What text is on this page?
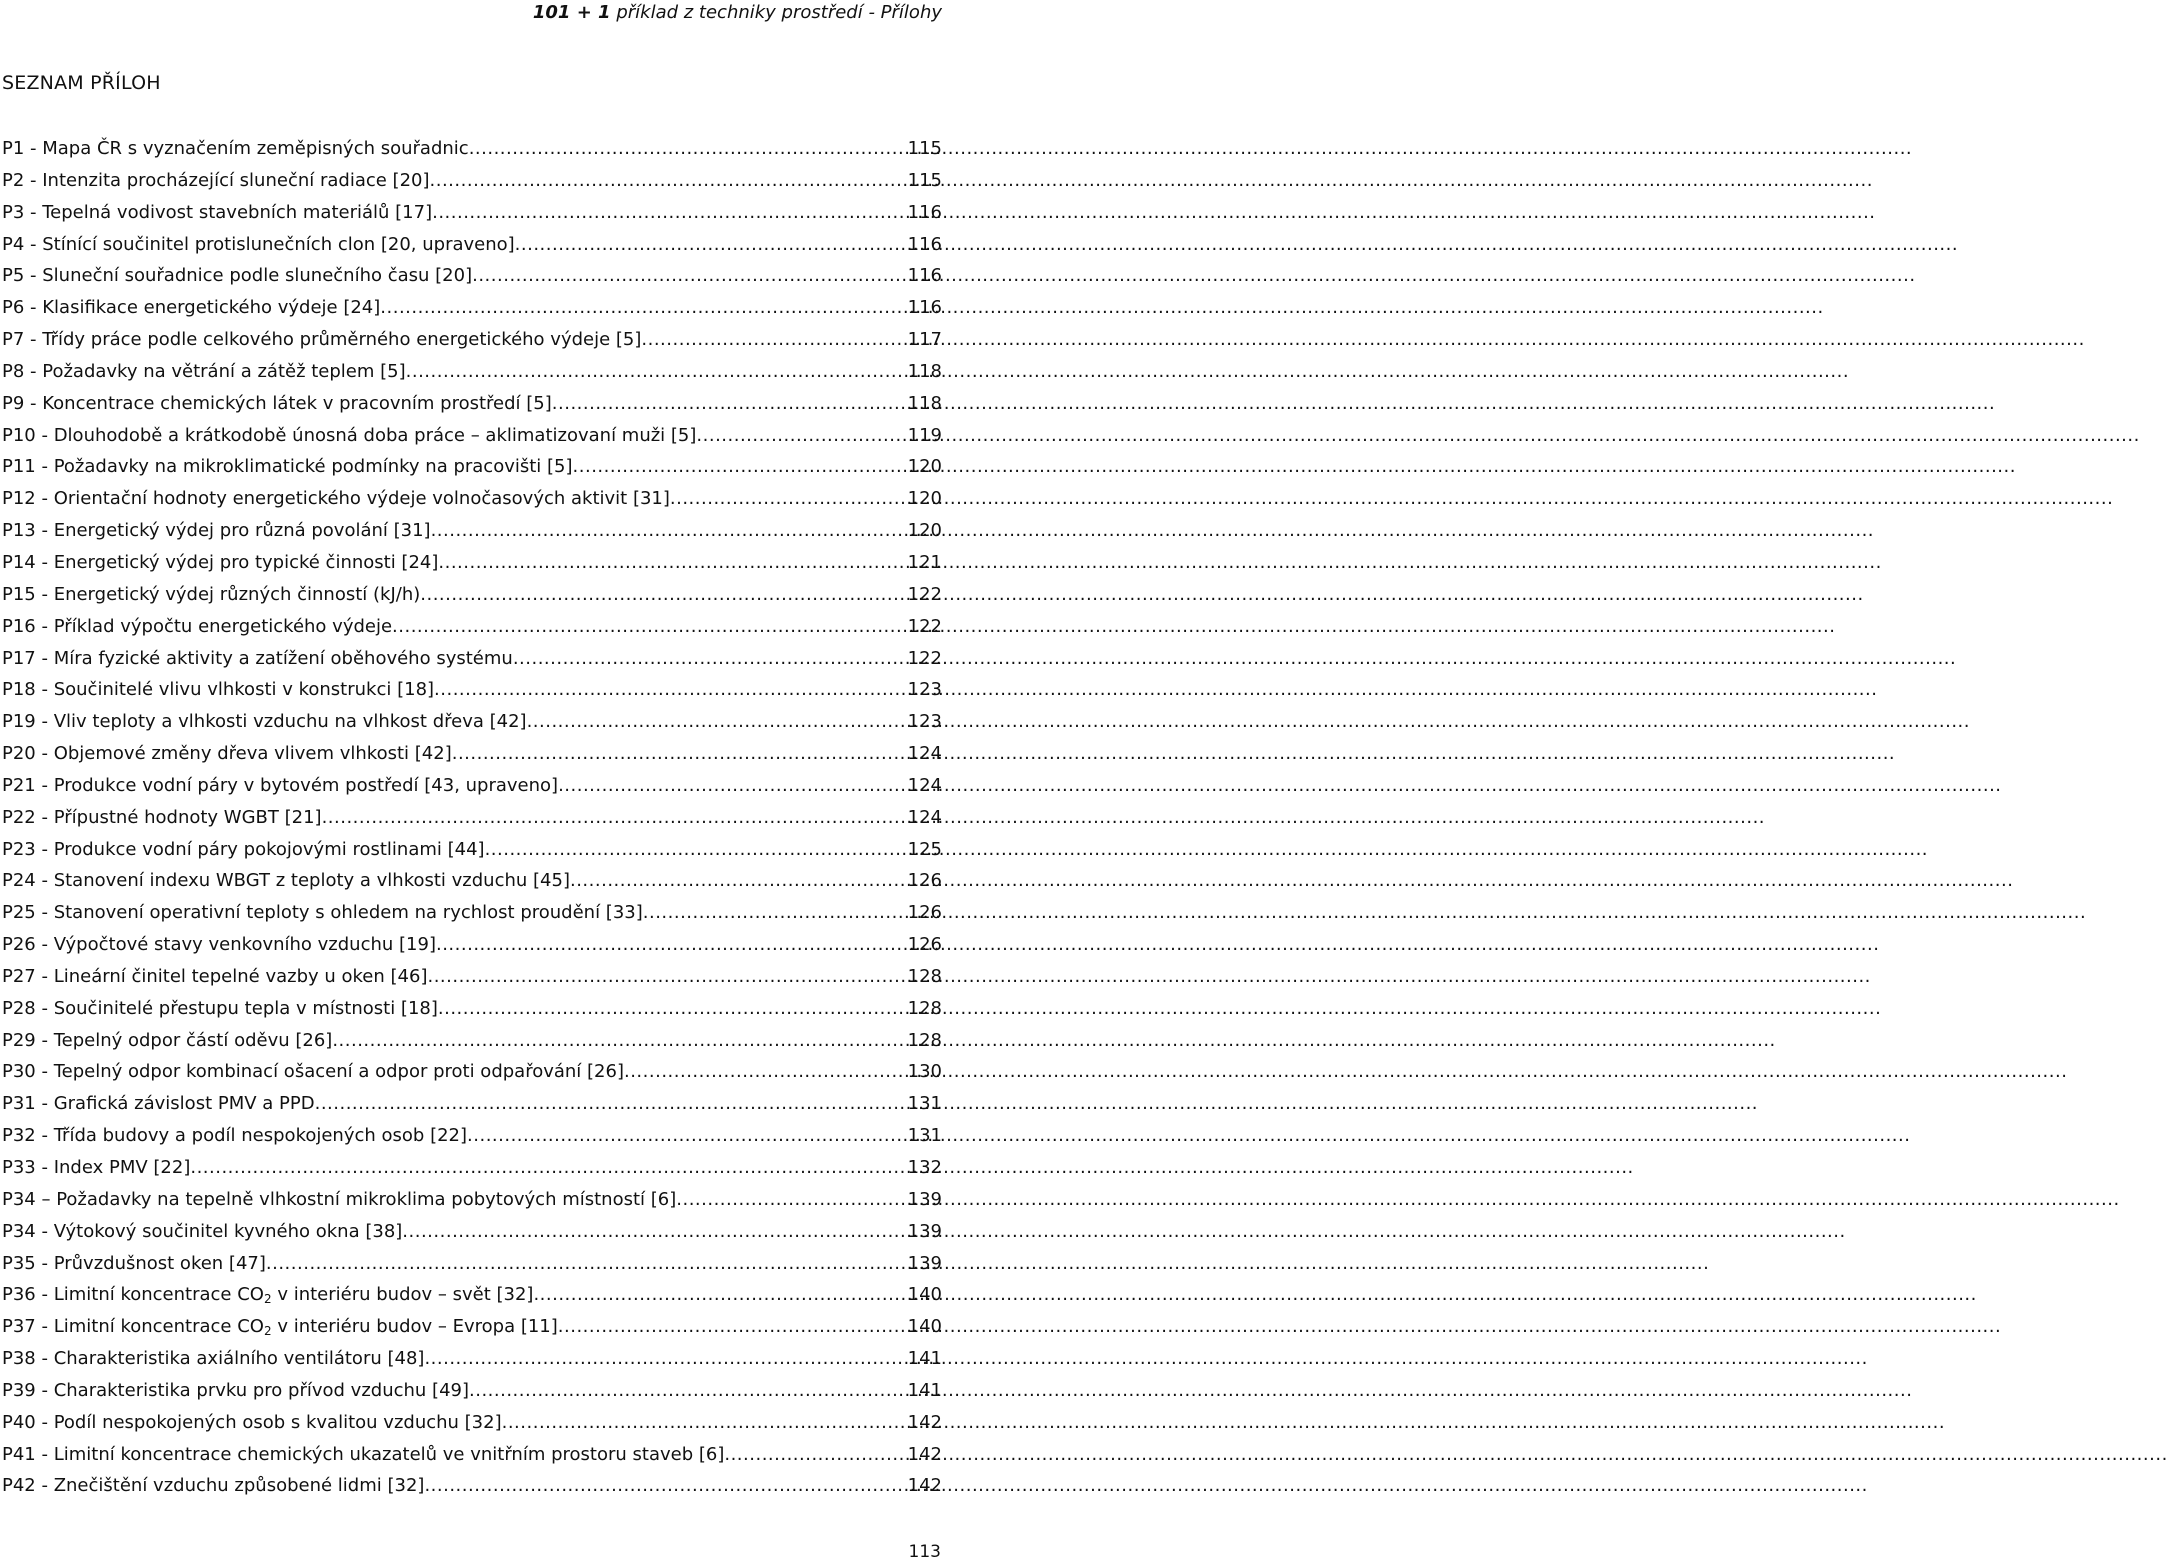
101 + 1 příklad z techniky prostředí - Přílohy
SEZNAM PŘÍLOH
P1 - Mapa ČR s vyznačením zeměpisných souřadnic .....	115
P2 - Intenzita procházející sluneční radiace [20] .....	115
P3 - Tepelná vodivost stavebních materiálů [17] .....	116
P4 - Stínící součinitel protislunečních clon [20, upraveno] .....	116
P5 - Sluneční souřadnice podle slunečního času [20] .....	116
P6 - Klasifikace energetického výdeje [24] .....	116
P7 - Třídy práce podle celkového průměrného energetického výdeje [5] .....	117
P8 - Požadavky na větrání a zátěž teplem [5] .....	118
P9 - Koncentrace chemických látek v pracovním prostředí [5] .....	118
P10 - Dlouhodobě a krátkodobě únosná doba práce – aklimatizovaní muži [5] .....	119
P11 - Požadavky na mikroklimatické podmínky na pracovišti [5] .....	120
P12 - Orientační hodnoty energetického výdeje volnočasových aktivit [31] .....	120
P13 - Energetický výdej pro různá povolání [31] .....	120
P14 - Energetický výdej pro typické činnosti [24] .....	121
P15 - Energetický výdej různých činností (kJ/h) .....	122
P16 - Příklad výpočtu energetického výdeje .....	122
P17 - Míra fyzické aktivity a zatížení oběhového systému .....	122
P18 - Součinitelé vlivu vlhkosti v konstrukci [18] .....	123
P19 - Vliv teploty a vlhkosti vzduchu na vlhkost dřeva [42] .....	123
P20 - Objemové změny dřeva vlivem vlhkosti [42] .....	124
P21 - Produkce vodní páry v bytovém postředí [43, upraveno] .....	124
P22 - Přípustné hodnoty WGBT [21] .....	124
P23 - Produkce vodní páry pokojovými rostlinami [44] .....	125
P24 - Stanovení indexu WBGT z teploty a vlhkosti vzduchu [45] .....	126
P25 - Stanovení operativní teploty s ohledem na rychlost proudění [33] .....	126
P26 - Výpočtové stavy venkovního vzduchu [19] .....	126
P27 - Lineární činitel tepelné vazby u oken [46] .....	128
P28 - Součinitelé přestupu tepla v místnosti [18] .....	128
P29 - Tepelný odpor částí oděvu [26] .....	128
P30 - Tepelný odpor kombinací ošacení a odpor proti odpařování [26] .....	130
P31 - Grafická závislost PMV a PPD .....	131
P32 - Třída budovy a podíl nespokojených osob [22] .....	131
P33 - Index PMV [22] .....	132
P34 – Požadavky na tepelně vlhkostní mikroklima pobytových místností [6] .....	139
P34 - Výtokový součinitel kyvného okna [38] .....	139
P35 - Průvzdušnost oken [47] .....	139
P36 - Limitní koncentrace $CO_2$ v interiéru budov – svět [32] .....	140
P37 - Limitní koncentrace $CO_2$ v interiéru budov – Evropa [11] .....	140
P38 - Charakteristika axiálního ventilátoru [48] .....	141
P39 - Charakteristika prvku pro přívod vzduchu [49] .....	141
P40 - Podíl nespokojených osob s kvalitou vzduchu [32] .....	142
P41 - Limitní koncentrace chemických ukazatelů ve vnitřním prostoru staveb [6] .....	142
P42 - Znečištění vzduchu způsobené lidmi [32] .....	142
113
